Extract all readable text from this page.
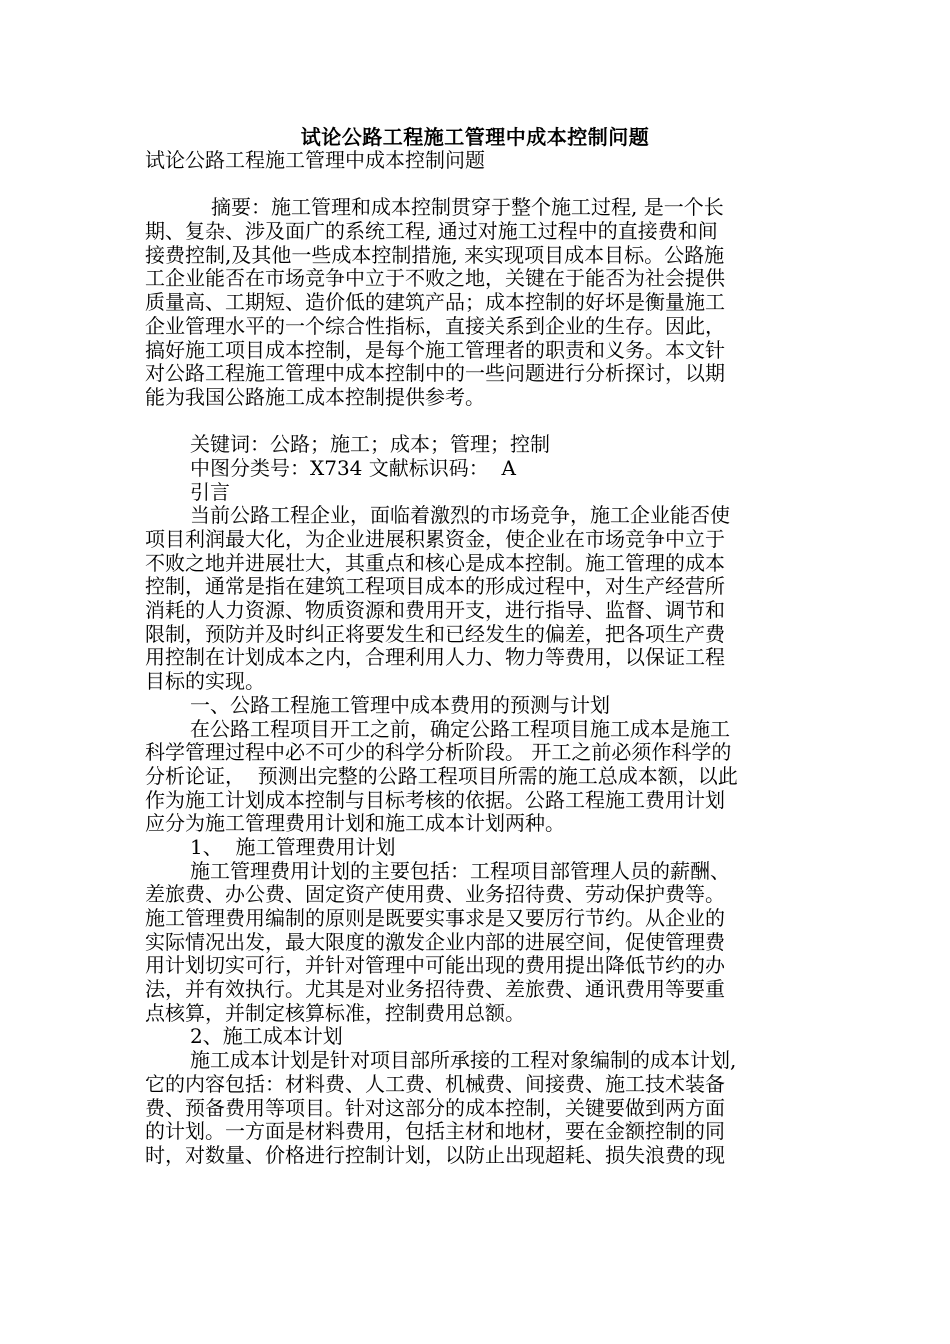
试论公路工程施工管理中成本控制问题
试论公路工程施工管理中成本控制问题
摘要：施工管理和成本控制贯穿于整个施工过程, 是一个长
期、复杂、涉及面广的系统工程, 通过对施工过程中的直接费和间
接费控制,及其他一些成本控制措施, 来实现项目成本目标。公路施
工企业能否在市场竞争中立于不败之地，关键在于能否为社会提供
质量高、工期短、造价低的建筑产品；成本控制的好坏是衡量施工
企业管理水平的一个综合性指标，直接关系到企业的生存。因此，
搞好施工项目成本控制，是每个施工管理者的职责和义务。本文针
对公路工程施工管理中成本控制中的一些问题进行分析探讨，以期
能为我国公路施工成本控制提供参考。
关键词：公路；施工；成本；管理；控制
中图分类号：X734 文献标识码：  A
引言
当前公路工程企业，面临着激烈的市场竞争，施工企业能否使
项目利润最大化，为企业进展积累资金，使企业在市场竞争中立于
不败之地并进展壮大，其重点和核心是成本控制。施工管理的成本
控制，通常是指在建筑工程项目成本的形成过程中，对生产经营所
消耗的人力资源、物质资源和费用开支，进行指导、监督、调节和
限制，预防并及时纠正将要发生和已经发生的偏差，把各项生产费
用控制在计划成本之内，合理利用人力、物力等费用，以保证工程
目标的实现。
一、公路工程施工管理中成本费用的预测与计划
在公路工程项目开工之前，确定公路工程项目施工成本是施工
科学管理过程中必不可少的科学分析阶段。 开工之前必须作科学的
分析论证，  预测出完整的公路工程项目所需的施工总成本额，以此
作为施工计划成本控制与目标考核的依据。公路工程施工费用计划
应分为施工管理费用计划和施工成本计划两种。
1、  施工管理费用计划
施工管理费用计划的主要包括：工程项目部管理人员的薪酬、
差旅费、办公费、固定资产使用费、业务招待费、劳动保护费等。
施工管理费用编制的原则是既要实事求是又要厉行节约。从企业的
实际情况出发，最大限度的激发企业内部的进展空间，促使管理费
用计划切实可行，并针对管理中可能出现的费用提出降低节约的办
法，并有效执行。尤其是对业务招待费、差旅费、通讯费用等要重
点核算，并制定核算标准，控制费用总额。
2、施工成本计划
施工成本计划是针对项目部所承接的工程对象编制的成本计划,
它的内容包括：材料费、人工费、机械费、间接费、施工技术装备
费、预备费用等项目。针对这部分的成本控制，关键要做到两方面
的计划。一方面是材料费用，包括主材和地材，要在金额控制的同
时，对数量、价格进行控制计划，以防止出现超耗、损失浪费的现
